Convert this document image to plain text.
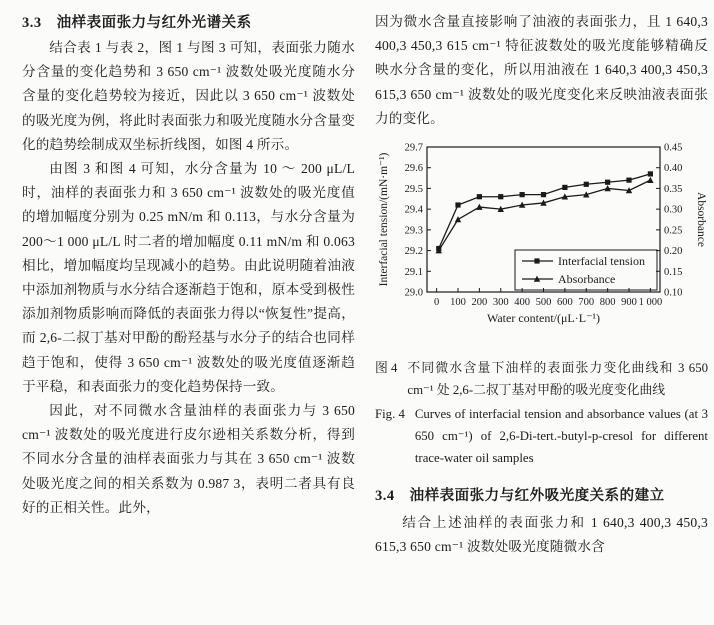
3.3　油样表面张力与红外光谱关系

结合表 1 与表 2，图 1 与图 3 可知，表面张力随水分含量的变化趋势和 3 650 cm⁻¹ 波数处吸光度随水分含量的变化趋势较为接近，因此以 3 650 cm⁻¹ 波数处的吸光度为例，将此时表面张力和吸光度随水分含量变化的趋势绘制成双坐标折线图，如图 4 所示。

由图 3 和图 4 可知，水分含量为 10 ～ 200 μL/L 时，油样的表面张力和 3 650 cm⁻¹ 波数处的吸光度值的增加幅度分别为 0.25 mN/m 和 0.113，与水分含量为 200～1 000 μL/L 时二者的增加幅度 0.11 mN/m 和 0.063 相比，增加幅度均呈现减小的趋势。由此说明随着油液中添加剂物质与水分结合逐渐趋于饱和，原本受到极性添加剂物质影响而降低的表面张力得以“恢复性”提高，而 2,6-二叔丁基对甲酚的酚羟基与水分子的结合也同样趋于饱和，使得 3 650 cm⁻¹ 波数处的吸光度值逐渐趋于平稳，和表面张力的变化趋势保持一致。

因此，对不同微水含量油样的表面张力与 3 650 cm⁻¹ 波数处的吸光度进行皮尔逊相关系数分析，得到不同水分含量的油样表面张力与其在 3 650 cm⁻¹ 波数处吸光度之间的相关系数为 0.987 3，表明二者具有良好的正相关性。此外，

因为微水含量直接影响了油液的表面张力，且 1 640,3 400,3 450,3 615 cm⁻¹ 特征波数处的吸光度能够精确反映水分含量的变化，所以用油液在 1 640,3 400,3 450,3 615,3 650 cm⁻¹ 波数处的吸光度变化来反映油液表面张力的变化。

29.0
29.1
29.2
29.3
29.4
29.5
29.6
29.7
0.10
0.15
0.20
0.25
0.30
0.35
0.40
0.45
0 100 200 300 400 500 600 700 800 900 1 000
Water content/(μL·L⁻¹)
Interfacial tension/(mN·m⁻¹)	Absorbance
Interfacial tension
Absorbance
图 4 不同微水含量下油样的表面张力变化曲线和 3 650 cm⁻¹ 处 2,6-二叔丁基对甲酚的吸光度变化曲线
Fig. 4 Curves of interfacial tension and absorbance values (at 3 650 cm⁻¹) of 2,6-Di-tert.-butyl-p-cresol for different trace-water oil samples
3.4　油样表面张力与红外吸光度关系的建立

结合上述油样的表面张力和 1 640,3 400,3 450,3 615,3 650 cm⁻¹ 波数处吸光度随微水含
